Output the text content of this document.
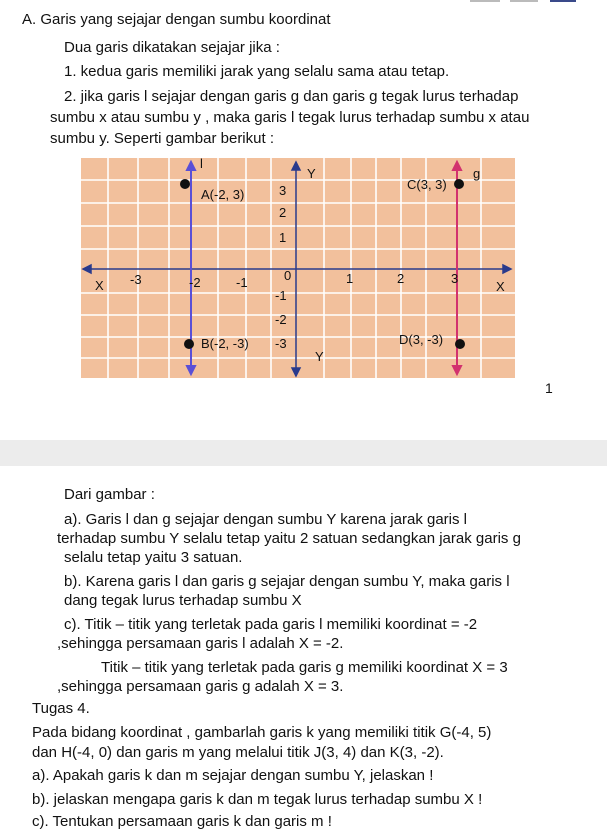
A. Garis yang sejajar dengan sumbu koordinat
Dua garis dikatakan sejajar jika :
1. kedua garis memiliki jarak yang selalu sama atau tetap.
2. jika garis l sejajar dengan garis g dan garis g tegak lurus terhadap
sumbu x atau sumbu y , maka garis l tegak lurus terhadap sumbu x atau
sumbu y. Seperti gambar berikut :
l
g
Y
Y
X	X
A(-2, 3)
B(-2, -3)
C(3, 3)
D(3, -3)
-3	-2	-1	0	1	2	3
3
2
1
-1
-2
-3
1
Dari gambar :
a). Garis l dan g sejajar dengan sumbu Y karena jarak garis l
terhadap sumbu Y selalu tetap yaitu 2 satuan sedangkan jarak garis g
selalu tetap yaitu 3 satuan.
b). Karena garis l dan garis g sejajar dengan sumbu Y, maka garis l
dang tegak lurus terhadap sumbu X
c). Titik – titik yang terletak pada garis l memiliki koordinat = -2
,sehingga persamaan garis l adalah X = -2.
Titik – titik yang terletak pada garis g memiliki koordinat X = 3
,sehingga persamaan garis g adalah X = 3.
Tugas 4.
Pada bidang koordinat , gambarlah garis k yang memiliki titik G(-4, 5)
dan H(-4, 0) dan garis m yang melalui titik J(3, 4) dan K(3, -2).
a). Apakah garis k dan m sejajar dengan sumbu Y, jelaskan !
b). jelaskan mengapa garis k dan m tegak lurus terhadap sumbu X !
c). Tentukan persamaan garis k dan garis m !
